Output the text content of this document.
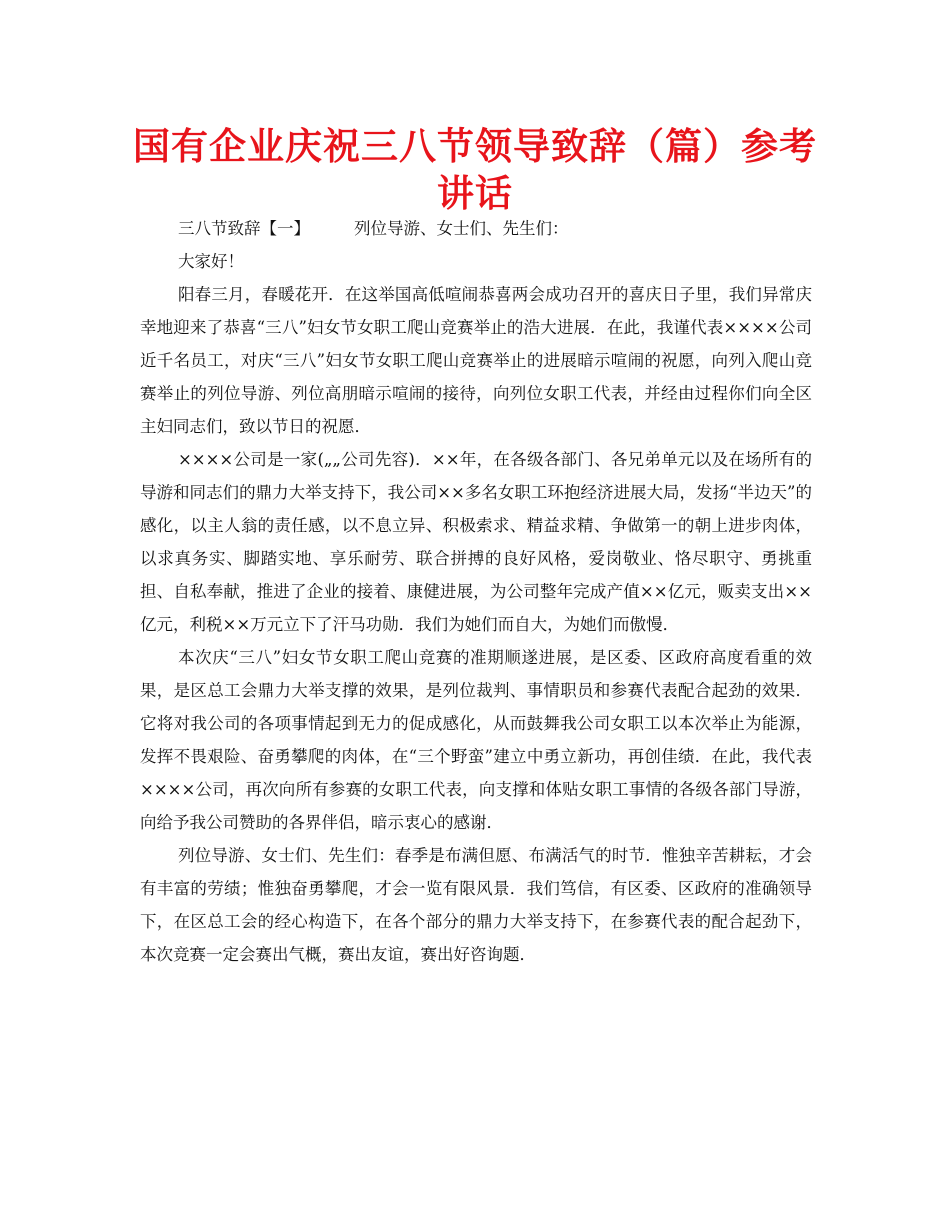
国有企业庆祝三八节领导致辞（篇）参考
讲话

三八节致辞【一】	列位导游、女士们、先生们：

大家好！

阳春三月，春暖花开．在这举国高低喧闹恭喜两会成功召开的喜庆日子里，我们异常庆幸地迎来了恭喜“三八”妇女节女职工爬山竞赛举止的浩大进展．在此，我谨代表××××公司近千名员工，对庆“三八”妇女节女职工爬山竞赛举止的进展暗示喧闹的祝愿，向列入爬山竞赛举止的列位导游、列位高朋暗示喧闹的接待，向列位女职工代表，并经由过程你们向全区主妇同志们，致以节日的祝愿．

××××公司是一家(„„公司先容)．××年，在各级各部门、各兄弟单元以及在场所有的导游和同志们的鼎力大举支持下，我公司××多名女职工环抱经济进展大局，发扬“半边天”的感化，以主人翁的责任感，以不息立异、积极索求、精益求精、争做第一的朝上进步肉体，以求真务实、脚踏实地、享乐耐劳、联合拼搏的良好风格，爱岗敬业、恪尽职守、勇挑重担、自私奉献，推进了企业的接着、康健进展，为公司整年完成产值××亿元，贩卖支出××亿元，利税××万元立下了汗马功勋．我们为她们而自大，为她们而傲慢．

本次庆“三八”妇女节女职工爬山竞赛的准期顺遂进展，是区委、区政府高度看重的效果，是区总工会鼎力大举支撑的效果，是列位裁判、事情职员和参赛代表配合起劲的效果．它将对我公司的各项事情起到无力的促成感化，从而鼓舞我公司女职工以本次举止为能源，发挥不畏艰险、奋勇攀爬的肉体，在“三个野蛮”建立中勇立新功，再创佳绩．在此，我代表××××公司，再次向所有参赛的女职工代表，向支撑和体贴女职工事情的各级各部门导游，向给予我公司赞助的各界伴侣，暗示衷心的感谢．

列位导游、女士们、先生们：春季是布满但愿、布满活气的时节．惟独辛苦耕耘，才会有丰富的劳绩；惟独奋勇攀爬，才会一览有限风景．我们笃信，有区委、区政府的准确领导下，在区总工会的经心构造下，在各个部分的鼎力大举支持下，在参赛代表的配合起劲下，本次竞赛一定会赛出气概，赛出友谊，赛出好咨询题．
